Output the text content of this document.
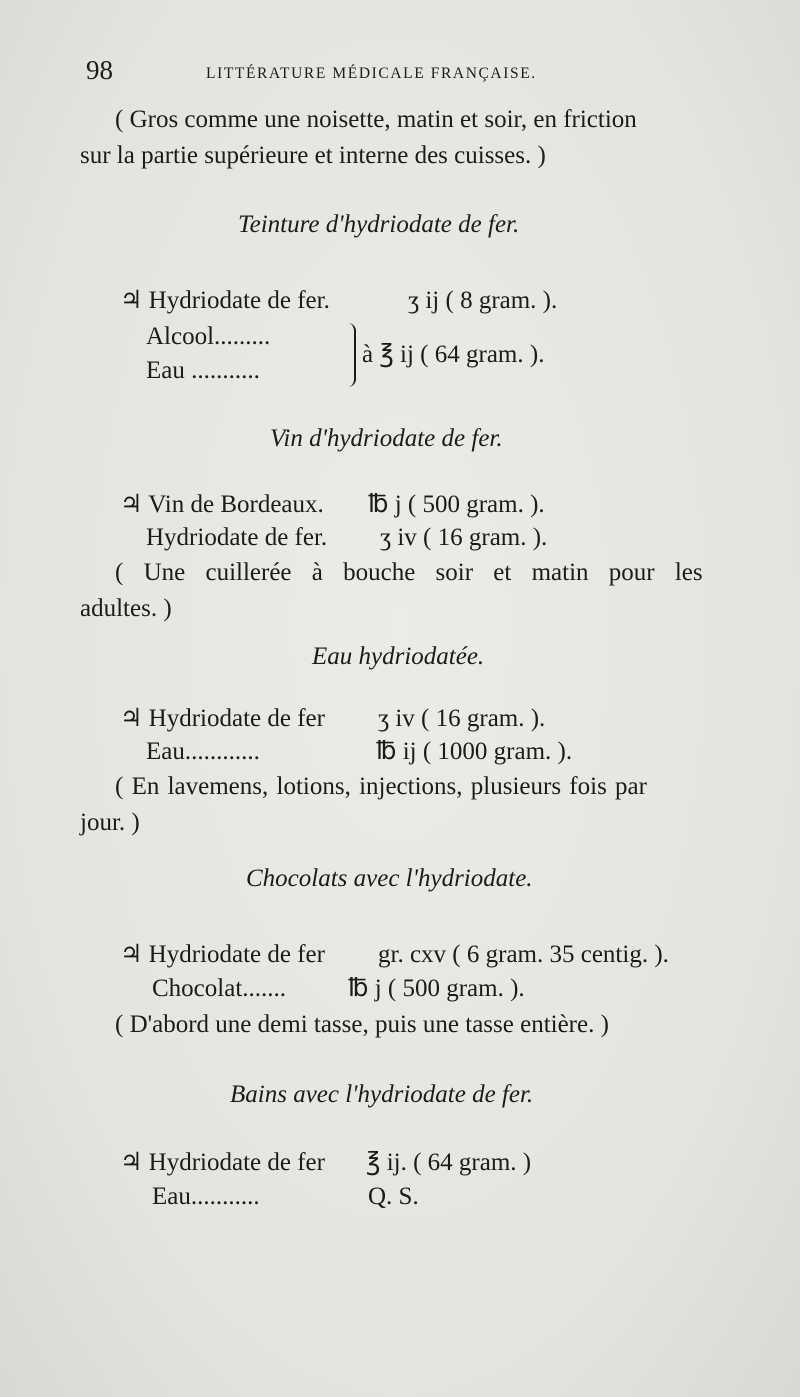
98	LITTÉRATURE MÉDICALE FRANÇAISE.
( Gros comme une noisette, matin et soir, en friction
sur la partie supérieure et interne des cuisses. )
Teinture d'hydriodate de fer.
♃ Hydriodate de fer.	ʒ ij ( 8 gram. ).
Alcool.........
Eau ...........
à ℥ ij ( 64 gram. ).
Vin d'hydriodate de fer.
♃ Vin de Bordeaux. ℔ j ( 500 gram. ).
Hydriodate de fer. ʒ iv ( 16 gram. ).
( Une cuillerée à bouche soir et matin pour les
adultes. )
Eau hydriodatée.
♃ Hydriodate de fer ʒ iv ( 16 gram. ).
Eau............	℔ ij ( 1000 gram. ).
( En lavemens, lotions, injections, plusieurs fois par
jour. )
Chocolats avec l'hydriodate.
♃ Hydriodate de fer gr. cxv ( 6 gram. 35 centig. ).
Chocolat....... ℔ j ( 500 gram. ).
( D'abord une demi tasse, puis une tasse entière. )
Bains avec l'hydriodate de fer.
♃ Hydriodate de fer ℥ ij. ( 64 gram. )
Eau...........	Q. S.
